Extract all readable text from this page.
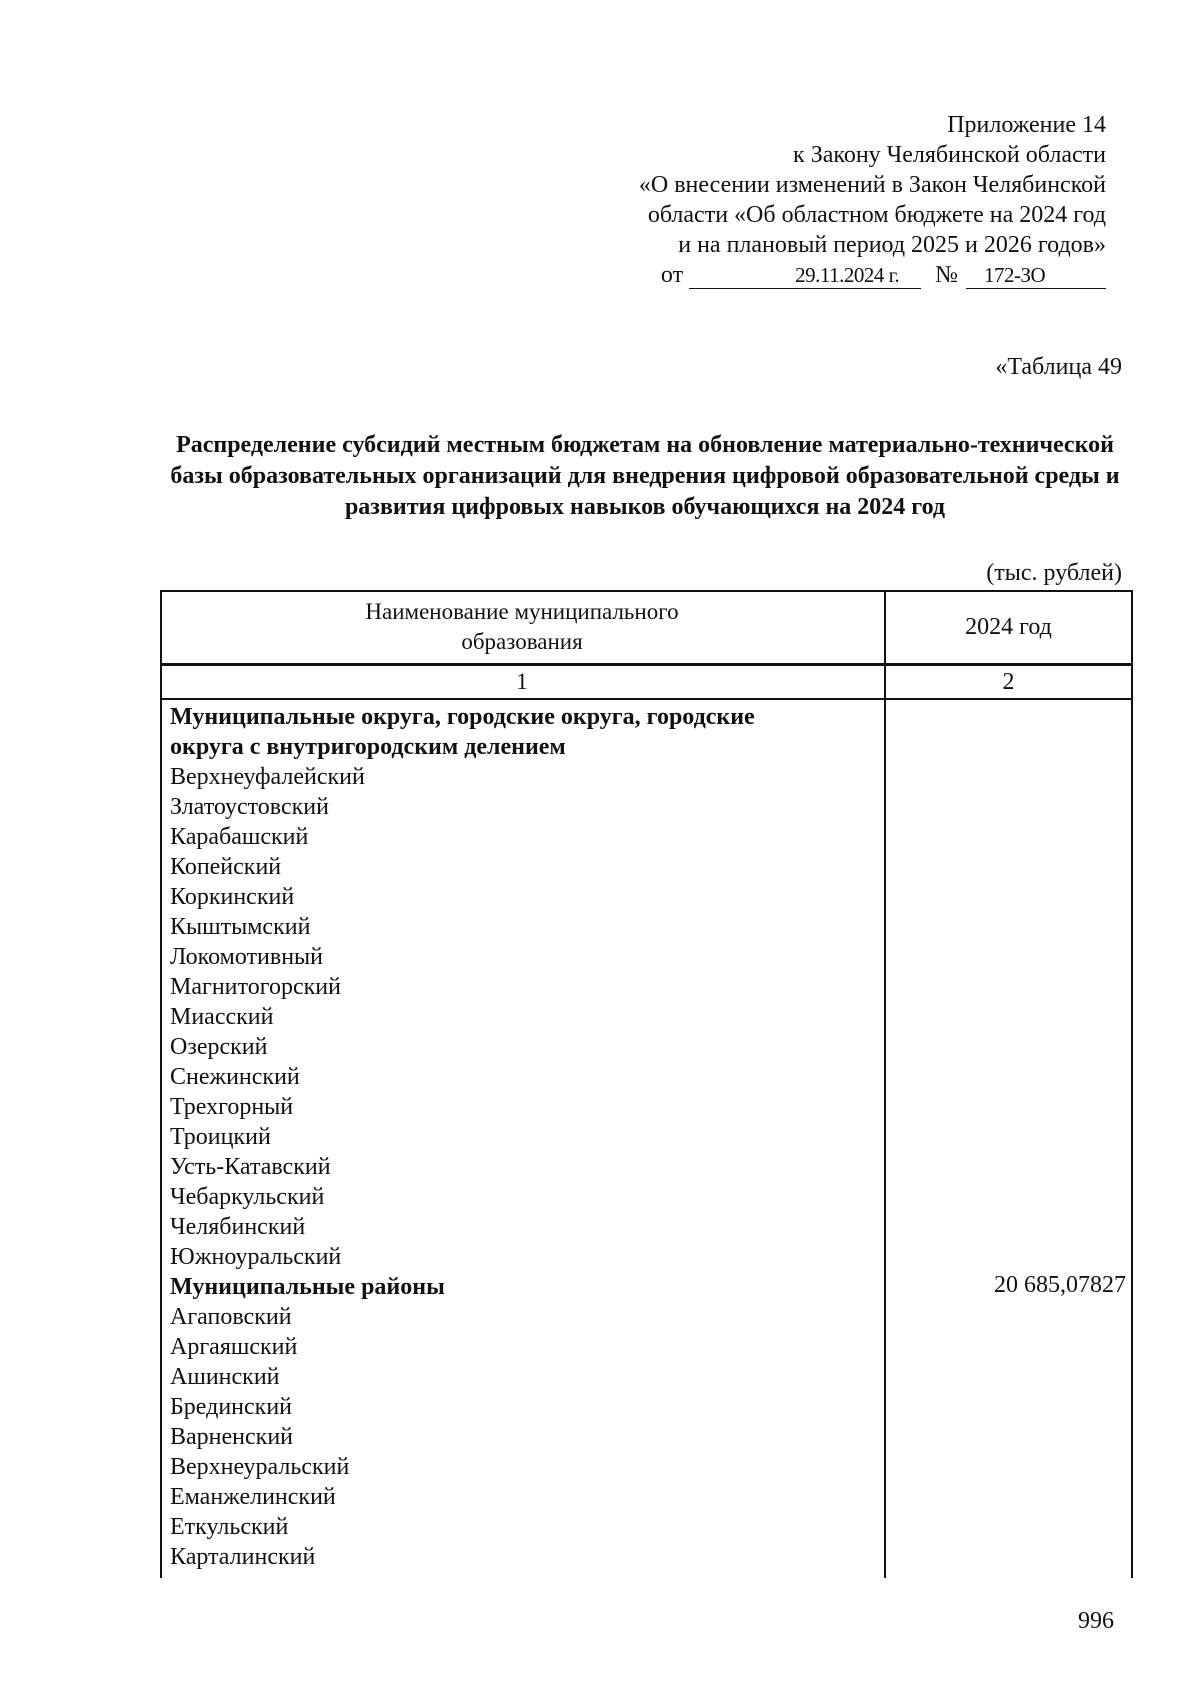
Приложение 14
к Закону Челябинской области
«О внесении изменений в Закон Челябинской
области «Об областном бюджете на 2024 год
и на плановый период 2025 и 2026 годов»
от	29.11.2024 г. № 172-ЗО
«Таблица 49
Распределение субсидий местным бюджетам на обновление материально-технической базы образовательных организаций для внедрения цифровой образовательной среды и развития цифровых навыков обучающихся на 2024 год
(тыс. рублей)
Наименование муниципального образования
2024 год
1	2
Муниципальные округа, городские округа, городские округа с внутригородским делением
Верхнеуфалейский
Златоустовский
Карабашский
Копейский
Коркинский
Кыштымский
Локомотивный
Магнитогорский
Миасский
Озерский
Снежинский
Трехгорный
Троицкий
Усть-Катавский
Чебаркульский
Челябинский
Южноуральский
Муниципальные районы
Агаповский
Аргаяшский
Ашинский
Брединский
Варненский
Верхнеуральский
Еманжелинский
Еткульский
Карталинский
20 685,07827
996
